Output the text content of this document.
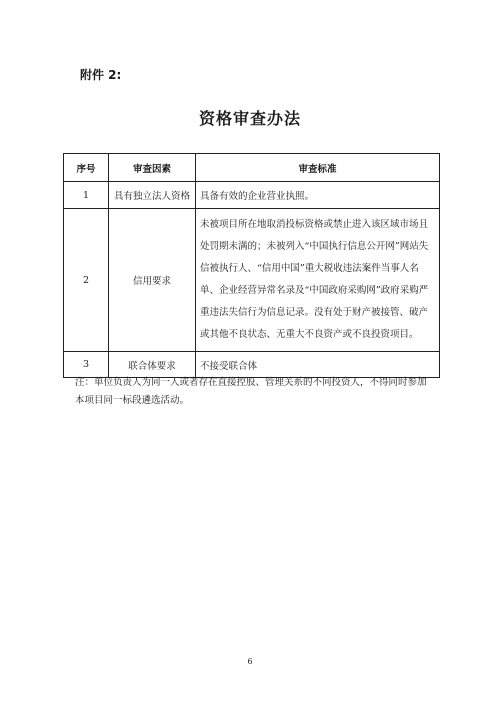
附件 2:
资格审查办法
序号	审查因素	审查标准
1	具有独立法人资格	具备有效的企业营业执照。
2	信用要求	未被项目所在地取消投标资格或禁止进入该区域市场且处罚期未满的；未被列入“中国执行信息公开网”网站失信被执行人、“信用中国”重大税收违法案件当事人名单、企业经营异常名录及“中国政府采购网”政府采购严重违法失信行为信息记录。没有处于财产被接管、破产或其他不良状态、无重大不良资产或不良投资项目。
3	联合体要求	不接受联合体
注：单位负责人为同一人或者存在直接控股、管理关系的不同投资人，不得同时参加本项目同一标段遴选活动。
6
